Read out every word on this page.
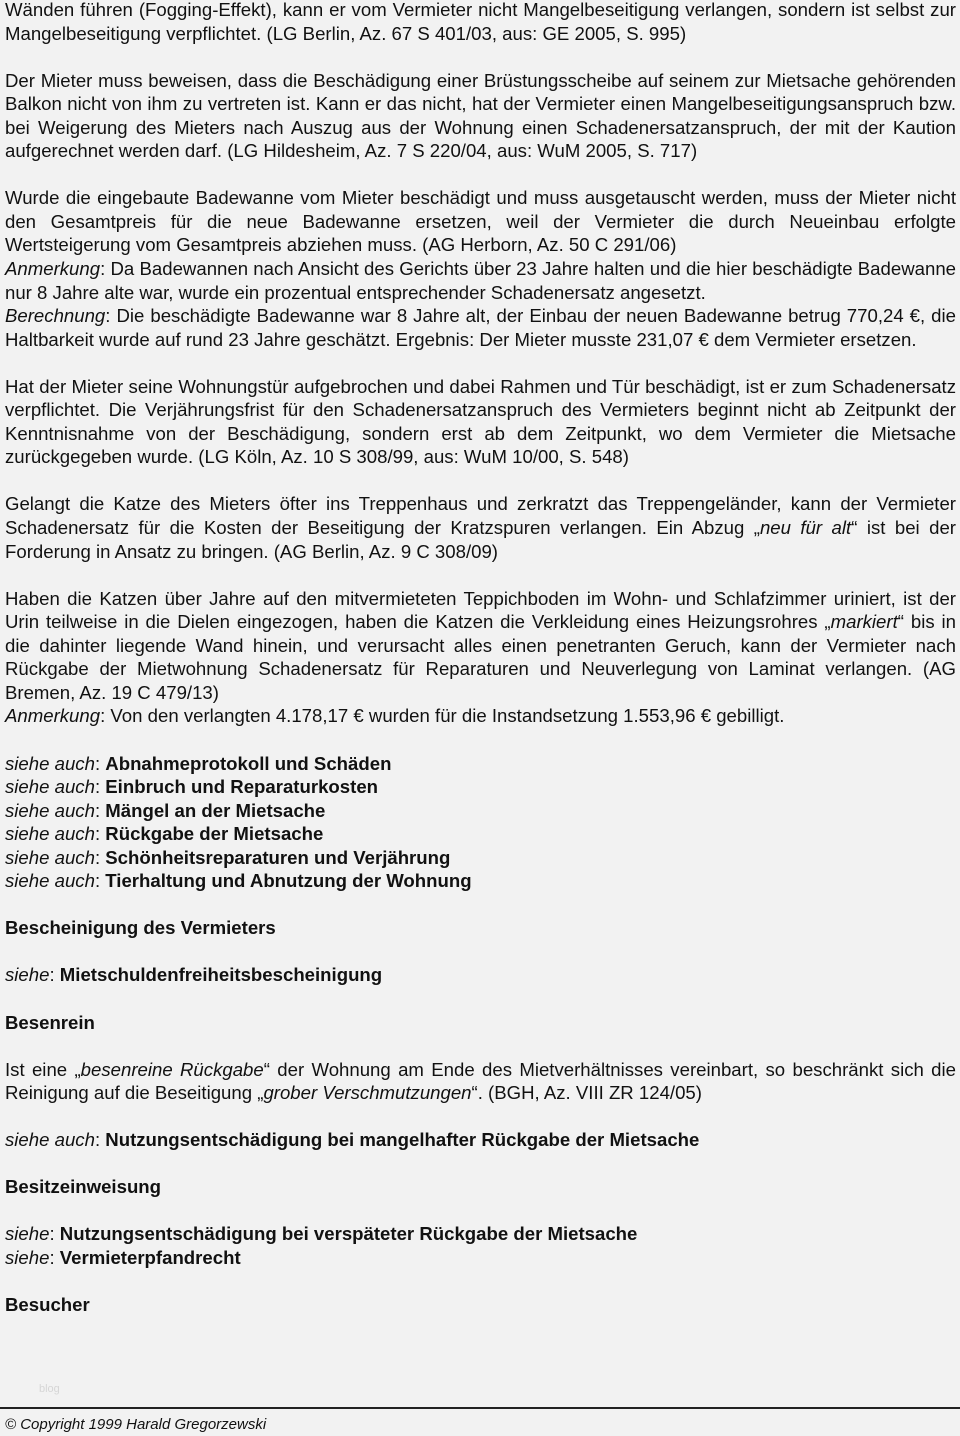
Wänden führen (Fogging-Effekt), kann er vom Vermieter nicht Mangelbeseitigung verlangen, sondern ist selbst zur Mangelbeseitigung verpflichtet. (LG Berlin, Az. 67 S 401/03, aus: GE 2005, S. 995)
Der Mieter muss beweisen, dass die Beschädigung einer Brüstungsscheibe auf seinem zur Mietsache gehörenden Balkon nicht von ihm zu vertreten ist. Kann er das nicht, hat der Vermieter einen Mangelbeseitigungsanspruch bzw. bei Weigerung des Mieters nach Auszug aus der Wohnung einen Schadenersatzanspruch, der mit der Kaution aufgerechnet werden darf. (LG Hildesheim, Az. 7 S 220/04, aus: WuM 2005, S. 717)
Wurde die eingebaute Badewanne vom Mieter beschädigt und muss ausgetauscht werden, muss der Mieter nicht den Gesamtpreis für die neue Badewanne ersetzen, weil der Vermieter die durch Neueinbau erfolgte Wertsteigerung vom Gesamtpreis abziehen muss. (AG Herborn, Az. 50 C 291/06)
Anmerkung: Da Badewannen nach Ansicht des Gerichts über 23 Jahre halten und die hier beschädigte Badewanne nur 8 Jahre alte war, wurde ein prozentual entsprechender Schadenersatz angesetzt.
Berechnung: Die beschädigte Badewanne war 8 Jahre alt, der Einbau der neuen Badewanne betrug 770,24 €, die Haltbarkeit wurde auf rund 23 Jahre geschätzt. Ergebnis: Der Mieter musste 231,07 € dem Vermieter ersetzen.
Hat der Mieter seine Wohnungstür aufgebrochen und dabei Rahmen und Tür beschädigt, ist er zum Schadenersatz verpflichtet. Die Verjährungsfrist für den Schadenersatzanspruch des Vermieters beginnt nicht ab Zeitpunkt der Kenntnisnahme von der Beschädigung, sondern erst ab dem Zeitpunkt, wo dem Vermieter die Mietsache zurückgegeben wurde. (LG Köln, Az. 10 S 308/99, aus: WuM 10/00, S. 548)
Gelangt die Katze des Mieters öfter ins Treppenhaus und zerkratzt das Treppengeländer, kann der Vermieter Schadenersatz für die Kosten der Beseitigung der Kratzspuren verlangen. Ein Abzug „neu für alt“ ist bei der Forderung in Ansatz zu bringen. (AG Berlin, Az. 9 C 308/09)
Haben die Katzen über Jahre auf den mitvermieteten Teppichboden im Wohn- und Schlafzimmer uriniert, ist der Urin teilweise in die Dielen eingezogen, haben die Katzen die Verkleidung eines Heizungsrohres „markiert“ bis in die dahinter liegende Wand hinein, und verursacht alles einen penetranten Geruch, kann der Vermieter nach Rückgabe der Mietwohnung Schadenersatz für Reparaturen und Neuverlegung von Laminat verlangen. (AG Bremen, Az. 19 C 479/13)
Anmerkung: Von den verlangten 4.178,17 € wurden für die Instandsetzung 1.553,96 € gebilligt.
siehe auch: Abnahmeprotokoll und Schäden
siehe auch: Einbruch und Reparaturkosten
siehe auch: Mängel an der Mietsache
siehe auch: Rückgabe der Mietsache
siehe auch: Schönheitsreparaturen und Verjährung
siehe auch: Tierhaltung und Abnutzung der Wohnung
Bescheinigung des Vermieters
siehe: Mietschuldenfreiheitsbescheinigung
Besenrein
Ist eine „besenreine Rückgabe“ der Wohnung am Ende des Mietverhältnisses vereinbart, so beschränkt sich die Reinigung auf die Beseitigung „grober Verschmutzungen“. (BGH, Az. VIII ZR 124/05)
siehe auch: Nutzungsentschädigung bei mangelhafter Rückgabe der Mietsache
Besitzeinweisung
siehe: Nutzungsentschädigung bei verspäteter Rückgabe der Mietsache
siehe: Vermieterpfandrecht
Besucher
blog
© Copyright 1999 Harald Gregorzewski
